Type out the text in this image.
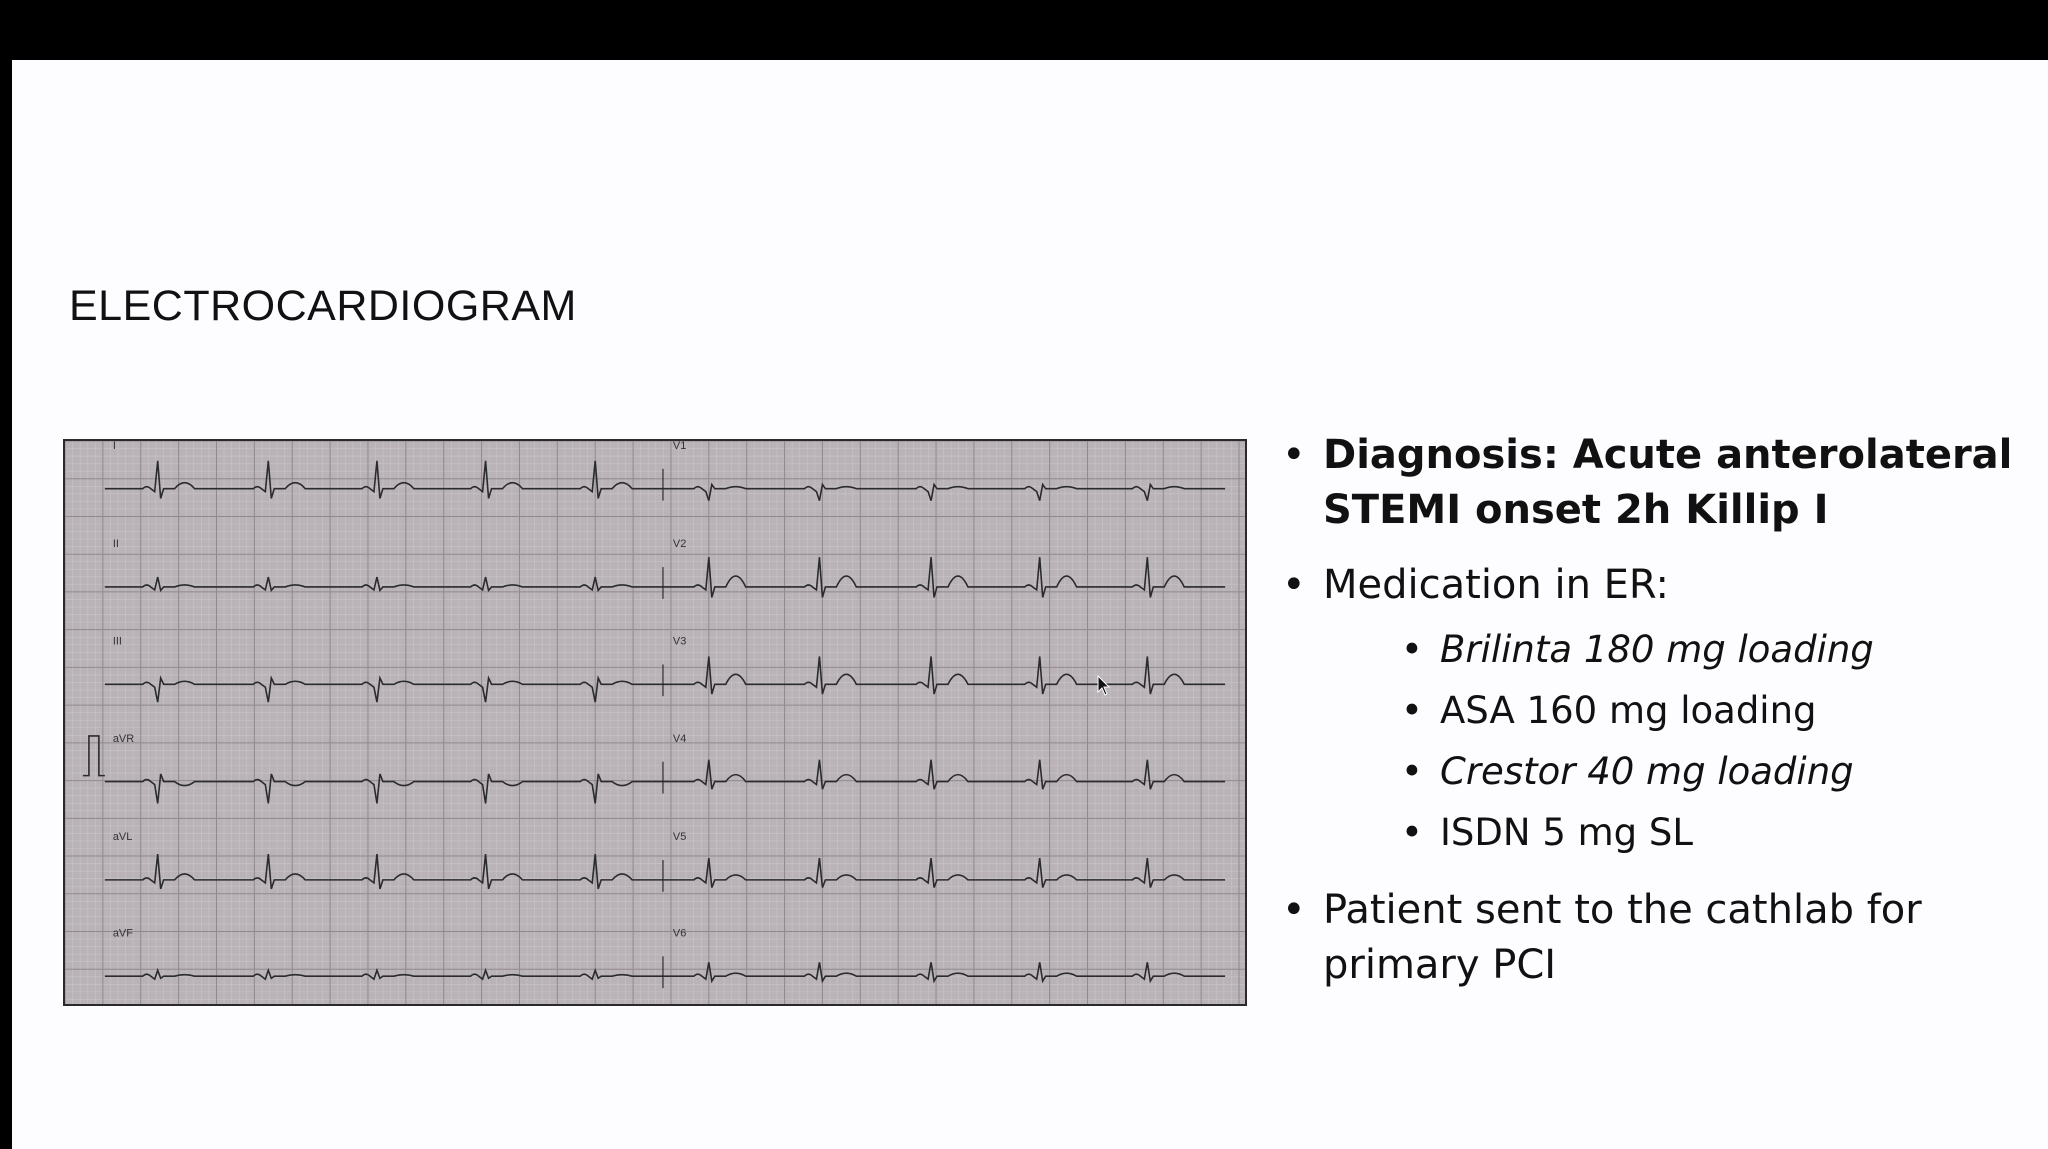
ELECTROCARDIOGRAM
I	V1
II	V2
III	V3
aVR	V4
aVL	V5
aVF	V6
• Diagnosis: Acute anterolateral STEMI onset 2h Killip I
• Medication in ER:
• Brilinta 180 mg loading
• ASA 160 mg loading
• Crestor 40 mg loading
• ISDN 5 mg SL
• Patient sent to the cathlab for primary PCI
